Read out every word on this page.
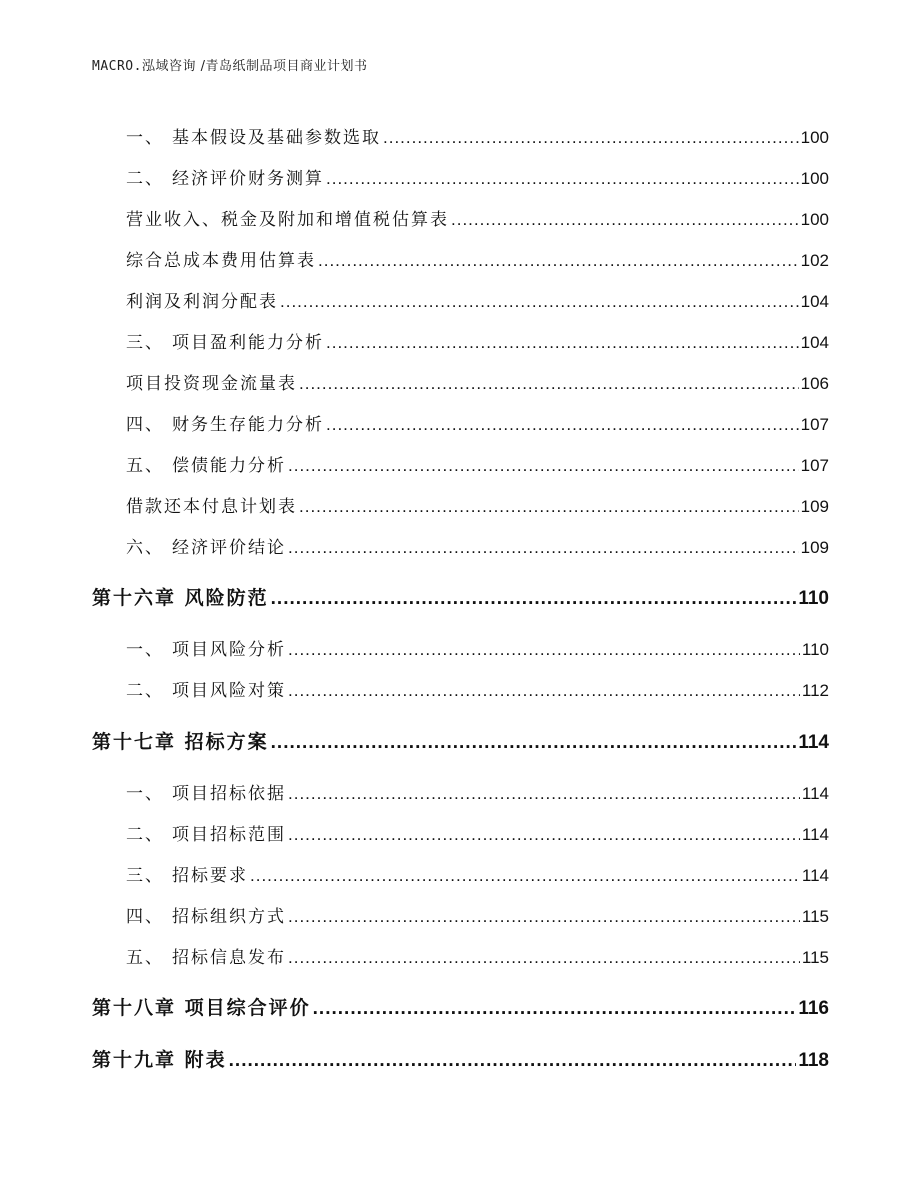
MACRO.泓域咨询 /青岛纸制品项目商业计划书
一、 基本假设及基础参数选取 .....	100
二、 经济评价财务测算 .....	100
营业收入、税金及附加和增值税估算表 .....	100
综合总成本费用估算表 .....	102
利润及利润分配表 .....	104
三、 项目盈利能力分析 .....	104
项目投资现金流量表 .....	106
四、 财务生存能力分析 .....	107
五、 偿债能力分析 .....	107
借款还本付息计划表 .....	109
六、 经济评价结论 .....	109
第十六章 风险防范 .....	110
一、 项目风险分析 .....	110
二、 项目风险对策 .....	112
第十七章 招标方案 .....	114
一、 项目招标依据 .....	114
二、 项目招标范围 .....	114
三、 招标要求 .....	114
四、 招标组织方式 .....	115
五、 招标信息发布 .....	115
第十八章 项目综合评价 .....	116
第十九章 附表 .....	118
